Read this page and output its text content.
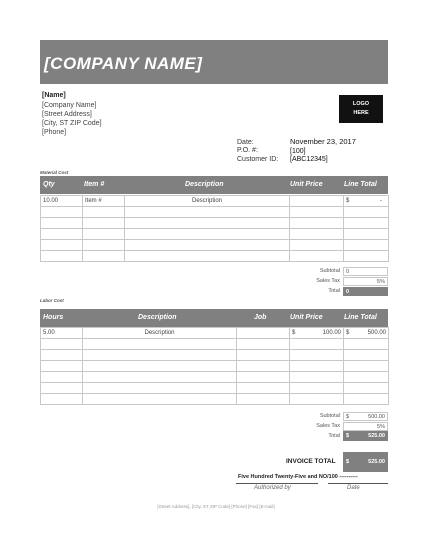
[COMPANY NAME]
[Name]
[Company Name]
[Street Address]
[City, ST ZIP Code]
[Phone]
LOGO
HERE
Date:	November 23, 2017
P.O. #:	[100]
Customer ID: [ABC12345]
Material Cost
Qty	Item #	Description	Unit Price	Line Total
10.00	Item #	Description		$ -

Subtotal	0
Sales Tax	5%
Total	0
Labor Cost
Hours	Description	Job	Unit Price	Line Total
5.00	Description		$ 100.00	$ 500.00

Subtotal	$	500.00
Sales Tax	5%
Total	$	525.00
INVOICE TOTAL $	525.00
Five Hundred Twenty-Five and NO/100 ----------
Authorized by	Date
[Street Address], [City, ST ZIP Code] [Phone] [Fax] [E-mail]
